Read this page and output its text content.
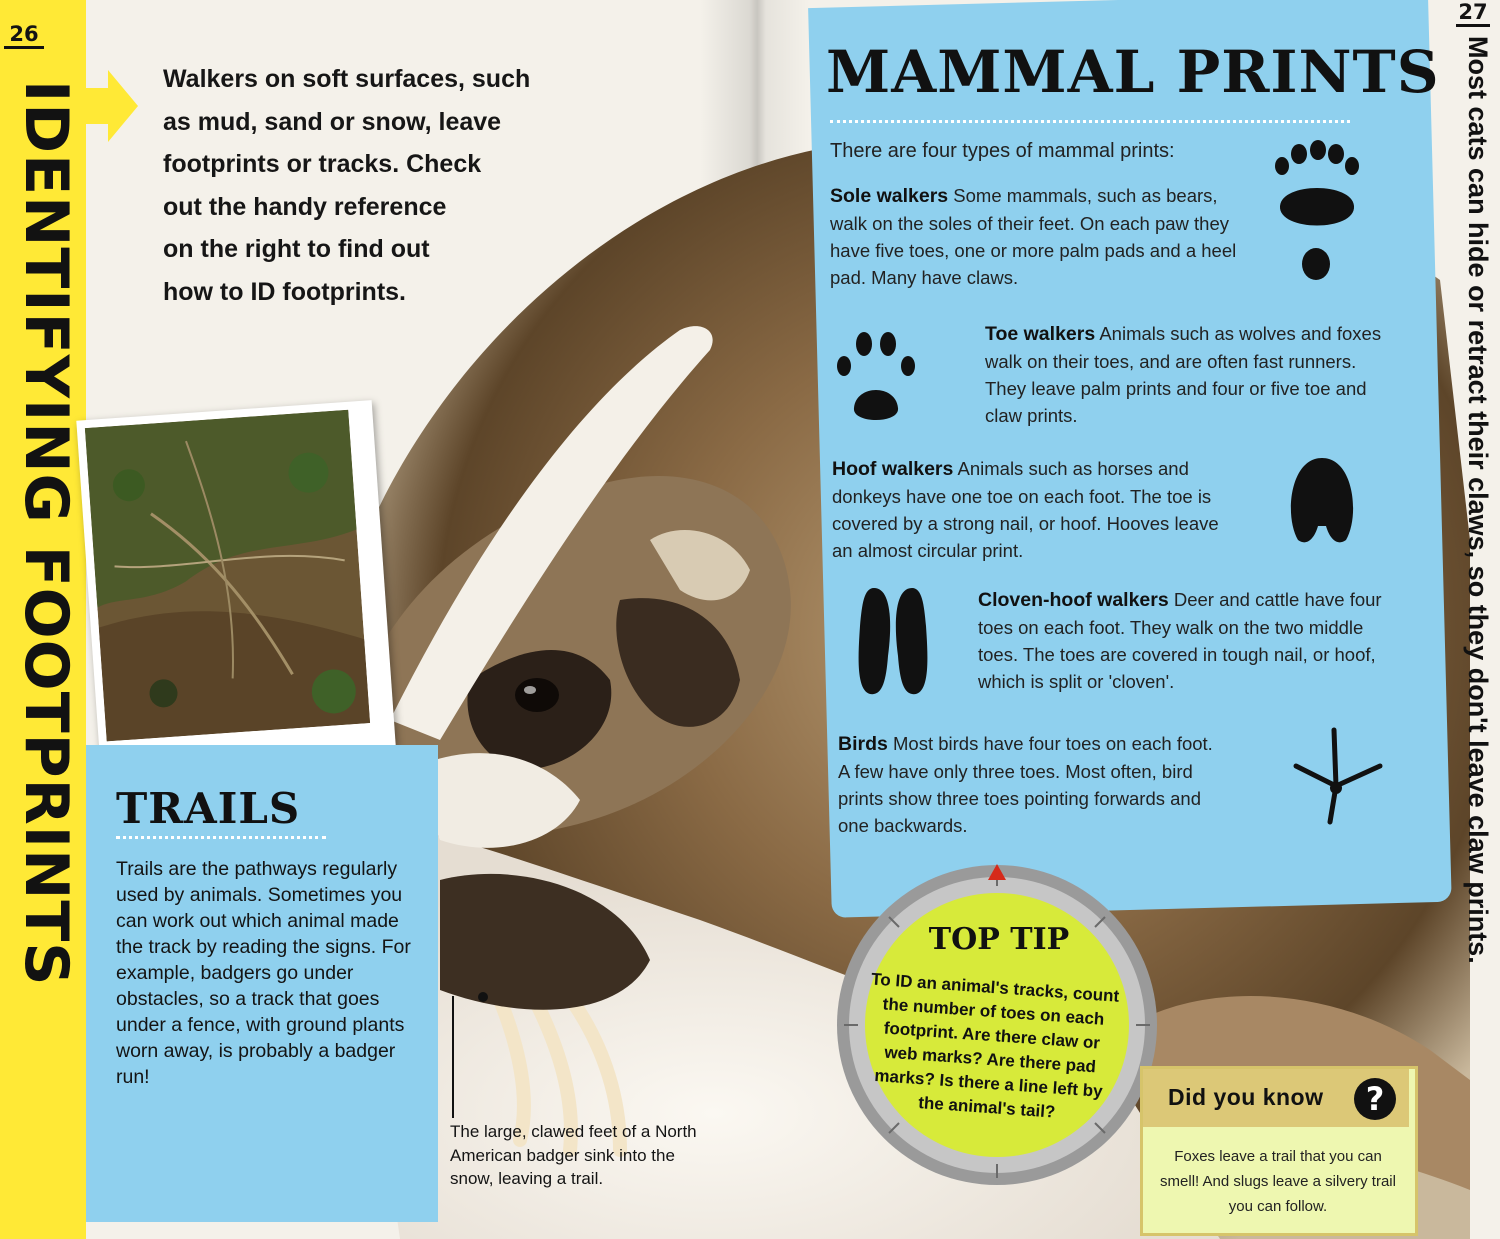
26
IDENTIFYING FOOTPRINTS
Walkers on soft surfaces, such
as mud, sand or snow, leave
footprints or tracks. Check
out the handy reference
on the right to find out
how to ID footprints.
TRAILS
Trails are the pathways regularly used by animals. Sometimes you can work out which animal made the track by reading the signs. For example, badgers go under obstacles, so a track that goes under a fence, with ground plants worn away, is probably a badger run!
The large, clawed feet of a North American badger sink into the snow, leaving a trail.
MAMMAL PRINTS
There are four types of mammal prints:
Sole walkers Some mammals, such as bears, walk on the soles of their feet. On each paw they have five toes, one or more palm pads and a heel pad. Many have claws.
Toe walkers Animals such as wolves and foxes walk on their toes, and are often fast runners. They leave palm prints and four or five toe and claw prints.
Hoof walkers Animals such as horses and donkeys have one toe on each foot. The toe is covered by a strong nail, or hoof. Hooves leave an almost circular print.
Cloven-hoof walkers Deer and cattle have four toes on each foot. They walk on the two middle toes. The toes are covered in tough nail, or hoof, which is split or 'cloven'.
Birds Most birds have four toes on each foot. A few have only three toes. Most often, bird prints show three toes pointing forwards and one backwards.
27
Most cats can hide or retract their claws, so they don't leave claw prints.
TOP TIP
To ID an animal's tracks, count the number of toes on each footprint. Are there claw or web marks? Are there pad marks? Is there a line left by the animal's tail?	Did you know	?
Foxes leave a trail that you can smell! And slugs leave a silvery trail you can follow.
